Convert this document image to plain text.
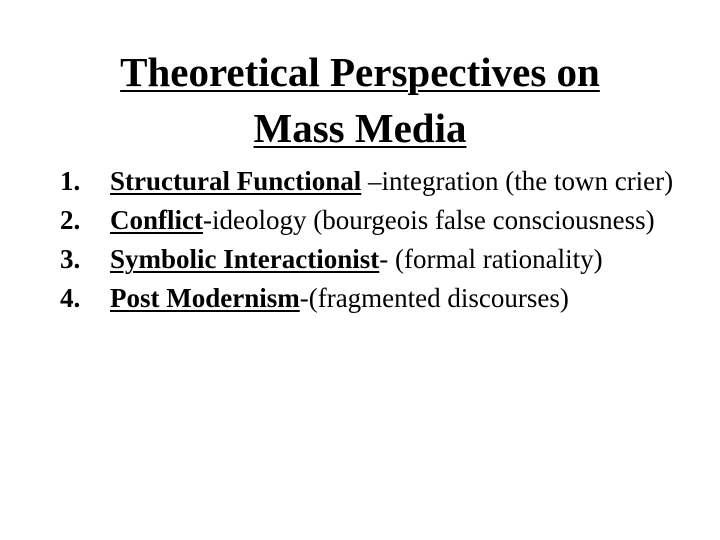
Theoretical Perspectives on
Mass Media
1. Structural Functional –integration (the town crier)
2. Conflict-ideology (bourgeois false consciousness)
3. Symbolic Interactionist- (formal rationality)
4. Post Modernism-(fragmented discourses)
